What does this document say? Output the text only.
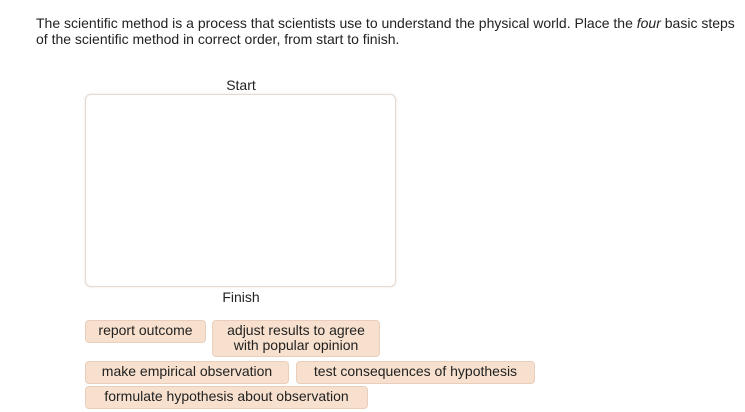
The scientific method is a process that scientists use to understand the physical world. Place the four basic steps of the scientific method in correct order, from start to finish.

Start
Finish
report outcome	adjust results to agree with popular opinion
make empirical observation	test consequences of hypothesis
formulate hypothesis about observation
